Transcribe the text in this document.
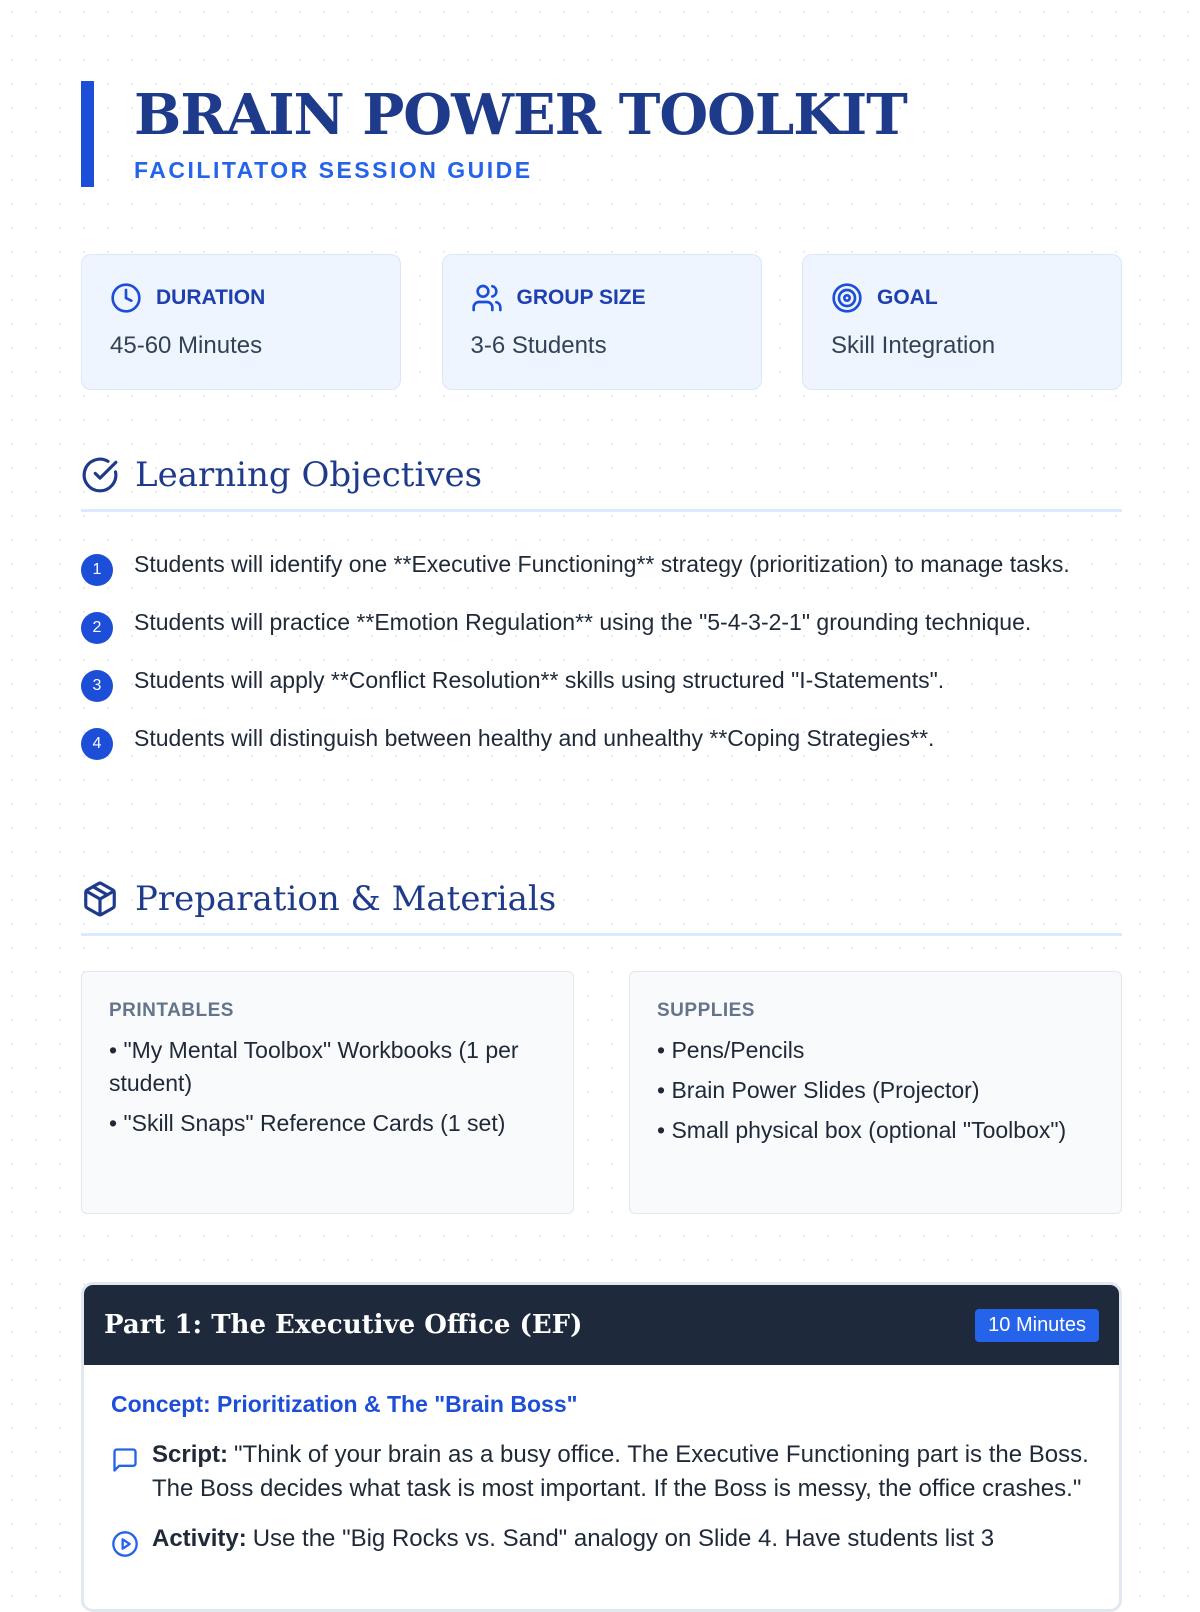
BRAIN POWER TOOLKIT
FACILITATOR SESSION GUIDE
DURATION
45-60 Minutes
GROUP SIZE
3-6 Students
GOAL
Skill Integration
Learning Objectives
1	Students will identify one **Executive Functioning** strategy (prioritization) to manage tasks.
2	Students will practice **Emotion Regulation** using the "5-4-3-2-1" grounding technique.
3	Students will apply **Conflict Resolution** skills using structured "I-Statements".
4	Students will distinguish between healthy and unhealthy **Coping Strategies**.
Preparation & Materials
PRINTABLES
• "My Mental Toolbox" Workbooks (1 per student)
• "Skill Snaps" Reference Cards (1 set)
SUPPLIES
• Pens/Pencils
• Brain Power Slides (Projector)
• Small physical box (optional "Toolbox")
Part 1: The Executive Office (EF)	10 Minutes
Concept: Prioritization & The "Brain Boss"
Script: "Think of your brain as a busy office. The Executive Functioning part is the Boss. The Boss decides what task is most important. If the Boss is messy, the office crashes."
Activity: Use the "Big Rocks vs. Sand" analogy on Slide 4. Have students list 3
